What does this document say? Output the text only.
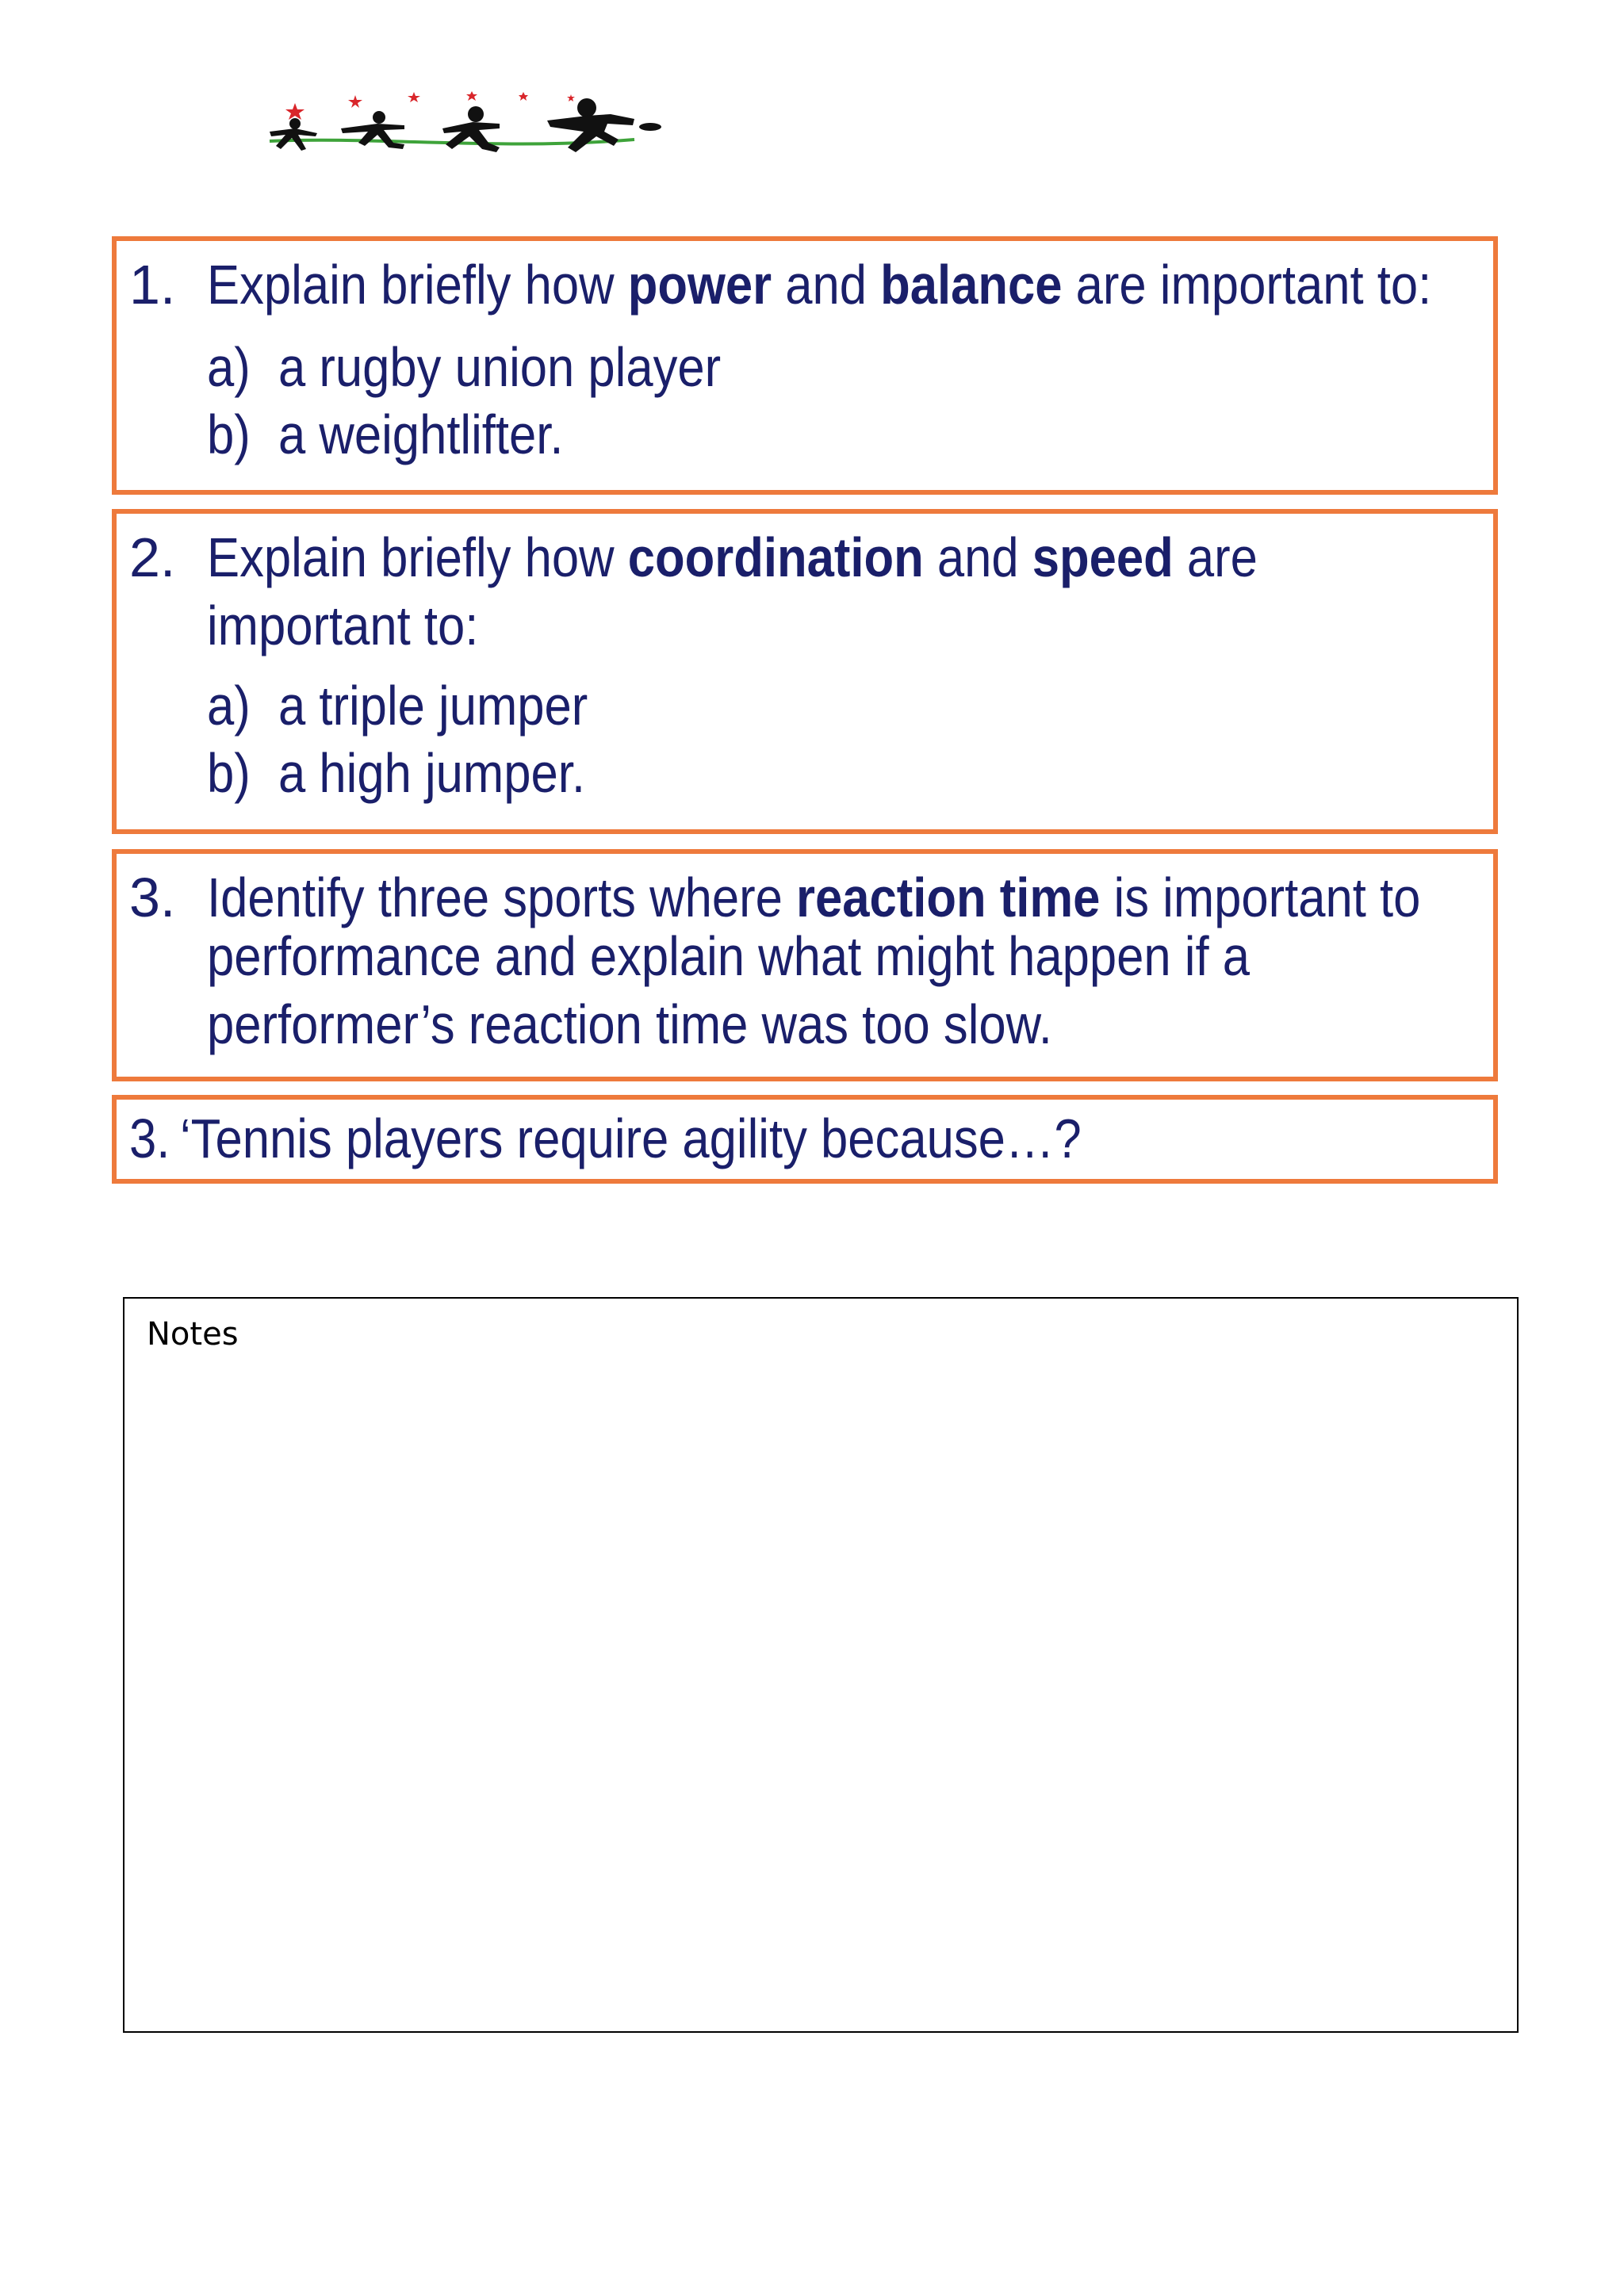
1. Explain briefly how power and balance are important to:
a) a rugby union player
b) a weightlifter.
2. Explain briefly how coordination and speed are
important to:
a) a triple jumper
b) a high jumper.
3. Identify three sports where reaction time is important to
performance and explain what might happen if a
performer’s reaction time was too slow.
3. ‘Tennis players require agility because…?
Notes
